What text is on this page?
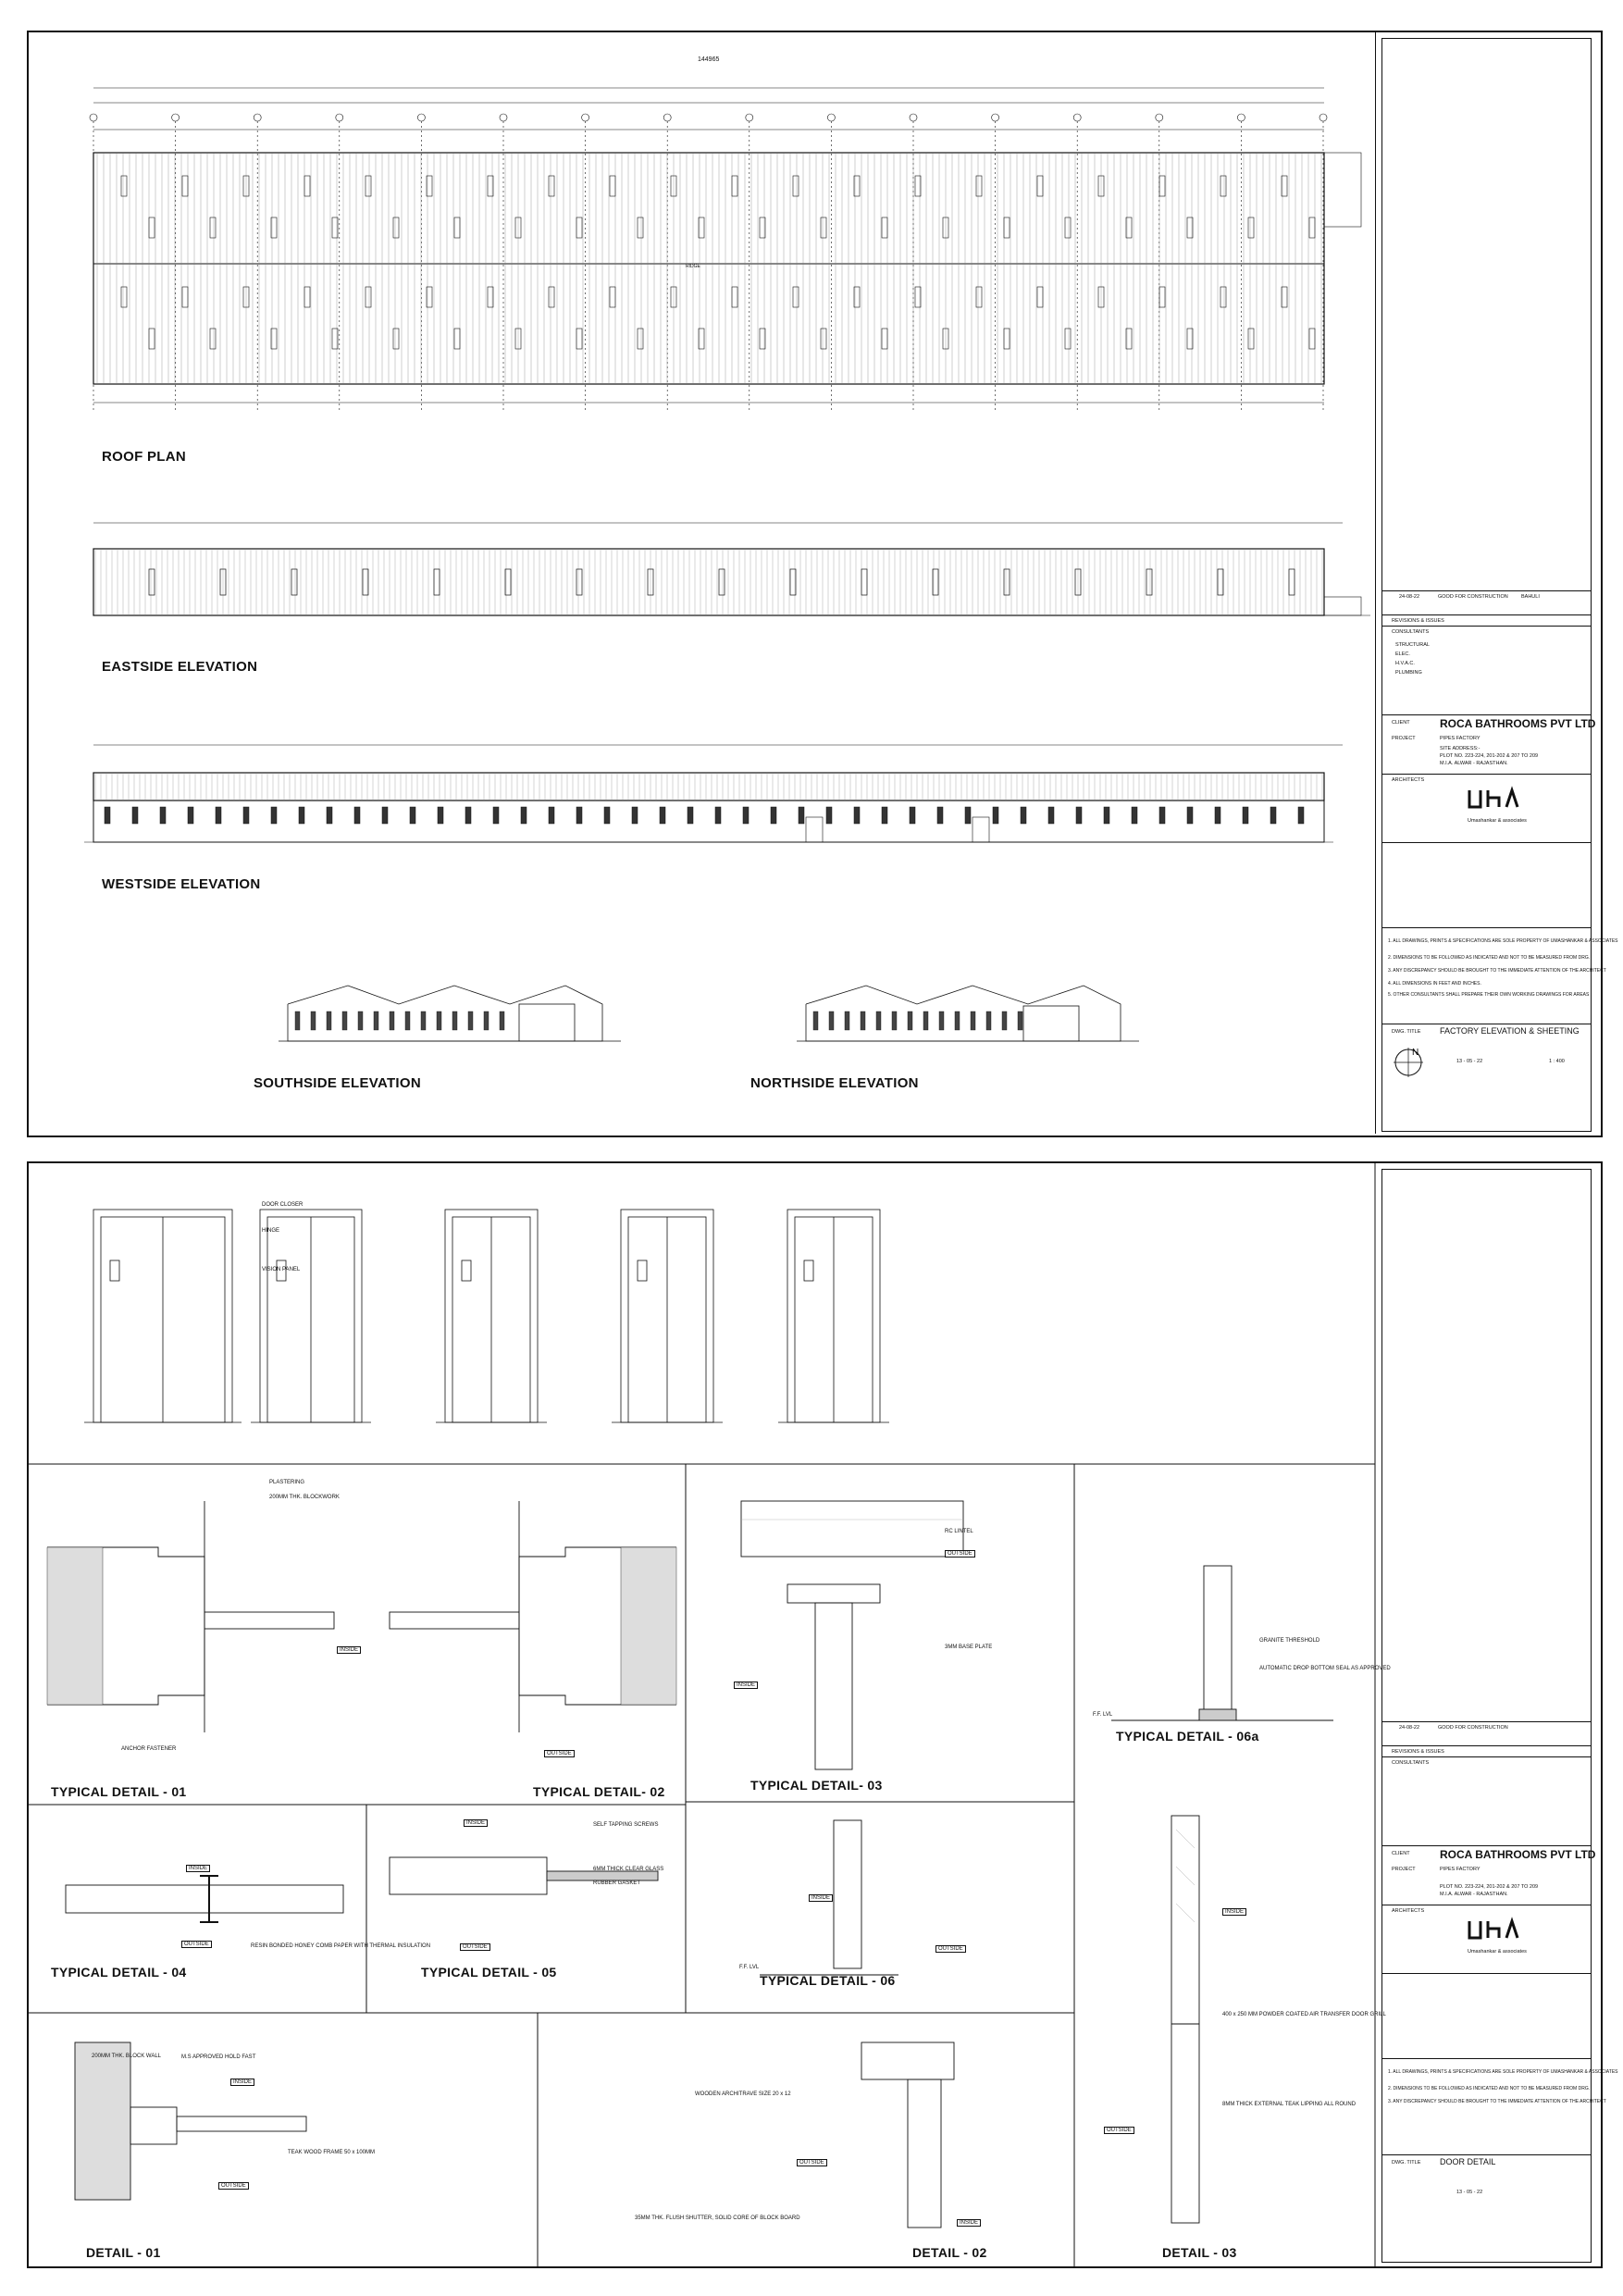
144965
RIDGE
ROOF PLAN
EASTSIDE ELEVATION
WESTSIDE ELEVATION
SOUTHSIDE ELEVATION	NORTHSIDE ELEVATION
24-08-22	GOOD FOR CONSTRUCTION	BAHULI
REVISIONS & ISSUES
CONSULTANTS
STRUCTURAL
ELEC.
H.V.A.C.
PLUMBING
CLIENT	ROCA BATHROOMS PVT LTD
PROJECT	PIPES FACTORY
SITE ADDRESS:-
PLOT NO. 223-224, 201-202 & 207 TO 209
M.I.A. ALWAR - RAJASTHAN.
ARCHITECTS
Umashankar & associates
1. ALL DRAWINGS, PRINTS & SPECIFICATIONS ARE SOLE PROPERTY OF UMASHANKAR & ASSOCIATES
2. DIMENSIONS TO BE FOLLOWED AS INDICATED AND NOT TO BE MEASURED FROM DRG.
3. ANY DISCREPANCY SHOULD BE BROUGHT TO THE IMMEDIATE ATTENTION OF THE ARCHITECT
4. ALL DIMENSIONS IN FEET AND INCHES.
5. OTHER CONSULTANTS SHALL PREPARE THEIR OWN WORKING DRAWINGS FOR AREAS
DWG. TITLE FACTORY ELEVATION & SHEETING
13 - 05 - 22	1 : 400
N
DOOR CLOSER
HINGE
VISION PANEL
INSIDE
OUTSIDE
PLASTERING
200MM THK. BLOCKWORK
ANCHOR FASTENER
TYPICAL DETAIL - 01	TYPICAL DETAIL- 02
RC LINTEL
OUTSIDE
INSIDE
3MM BASE PLATE
TYPICAL DETAIL- 03
GRANITE THRESHOLD
AUTOMATIC DROP BOTTOM SEAL AS APPROVED
F.F. LVL
TYPICAL DETAIL - 06a
INSIDE
OUTSIDE	RESIN BONDED HONEY COMB PAPER WITH THERMAL INSULATION
TYPICAL DETAIL - 04
INSIDE
OUTSIDE
SELF TAPPING SCREWS
6MM THICK CLEAR GLASS
RUBBER GASKET
TYPICAL DETAIL - 05
INSIDE
OUTSIDE
F.F. LVL
TYPICAL DETAIL - 06
200MM THK. BLOCK WALL	M.S APPROVED HOLD FAST
INSIDE
OUTSIDE
TEAK WOOD FRAME 50 x 100MM
DETAIL - 01
WOODEN ARCHITRAVE SIZE 20 x 12
OUTSIDE
INSIDE
35MM THK. FLUSH SHUTTER, SOLID CORE OF BLOCK BOARD
DETAIL - 02
INSIDE
OUTSIDE
400 x 250 MM POWDER COATED AIR TRANSFER DOOR GRILL
8MM THICK EXTERNAL TEAK LIPPING ALL ROUND
DETAIL - 03
24-08-22	GOOD FOR CONSTRUCTION
REVISIONS & ISSUES
CONSULTANTS
CLIENT	ROCA BATHROOMS PVT LTD
PROJECT	PIPES FACTORY
PLOT NO. 223-224, 201-202 & 207 TO 209
M.I.A. ALWAR - RAJASTHAN.
ARCHITECTS
Umashankar & associates
1. ALL DRAWINGS, PRINTS & SPECIFICATIONS ARE SOLE PROPERTY OF UMASHANKAR & ASSOCIATES
2. DIMENSIONS TO BE FOLLOWED AS INDICATED AND NOT TO BE MEASURED FROM DRG.
3. ANY DISCREPANCY SHOULD BE BROUGHT TO THE IMMEDIATE ATTENTION OF THE ARCHITECT
DWG. TITLE DOOR DETAIL
13 - 05 - 22
